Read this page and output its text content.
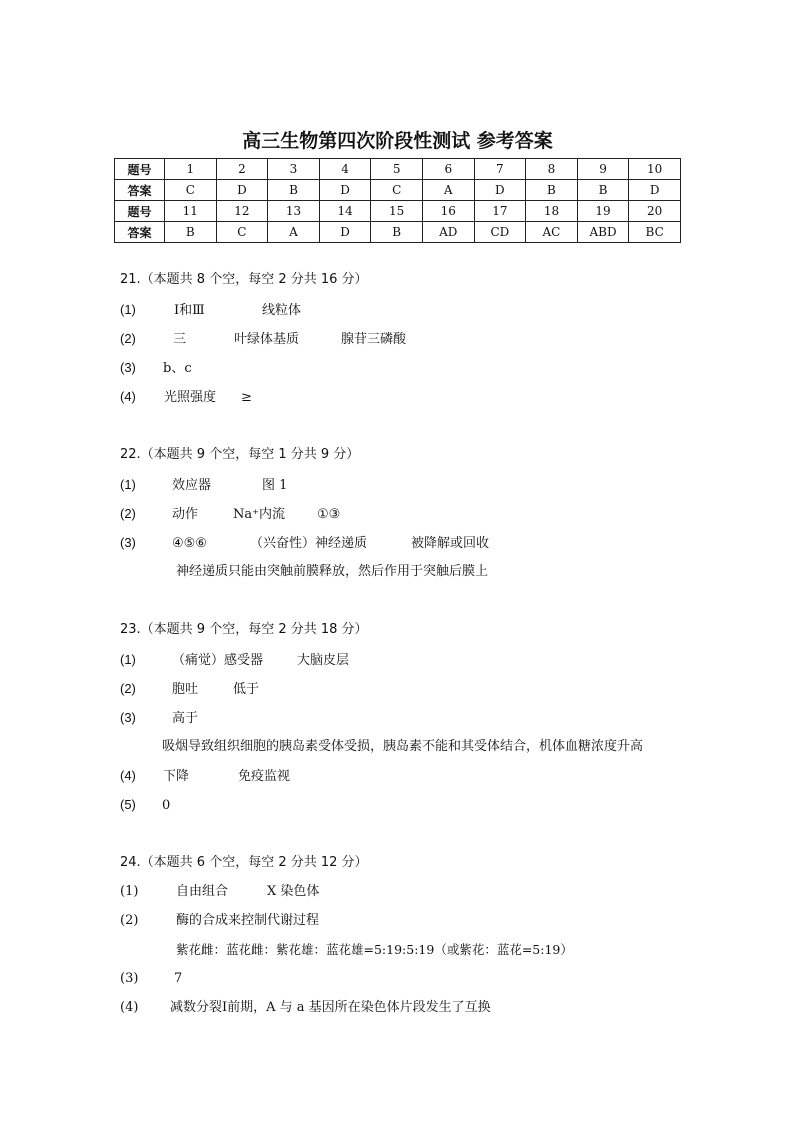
高三生物第四次阶段性测试 参考答案
题号	1	2	3	4	5	6	7	8	9	10
答案	C	D	B	D	C	A	D	B	B	D
题号	11	12	13	14	15	16	17	18	19	20
答案	B	C	A	D	B	AD	CD	AC	ABD	BC
21.（本题共 8 个空，每空 2 分共 16 分）
(1)	Ⅰ和Ⅲ	线粒体
(2)	三	叶绿体基质	腺苷三磷酸
(3) b、c
(4) 光照强度 ≥
22.（本题共 9 个空，每空 1 分共 9 分）
(1)	效应器	图 1
(2)	动作	Na⁺内流 ①③
(3)	④⑤⑥	（兴奋性）神经递质	被降解或回收
神经递质只能由突触前膜释放，然后作用于突触后膜上
23.（本题共 9 个空，每空 2 分共 18 分）
(1)	（痛觉）感受器	大脑皮层
(2)	胞吐	低于
(3)	高于
吸烟导致组织细胞的胰岛素受体受损，胰岛素不能和其受体结合，机体血糖浓度升高
(4) 下降	免疫监视
(5) 0
24.（本题共 6 个空，每空 2 分共 12 分）
(1)	自由组合	X 染色体
(2)	酶的合成来控制代谢过程
紫花雌：蓝花雌：紫花雄：蓝花雄=5:19:5:19（或紫花：蓝花=5:19）
(3)	7
(4) 减数分裂Ⅰ前期，A 与 a 基因所在染色体片段发生了互换
